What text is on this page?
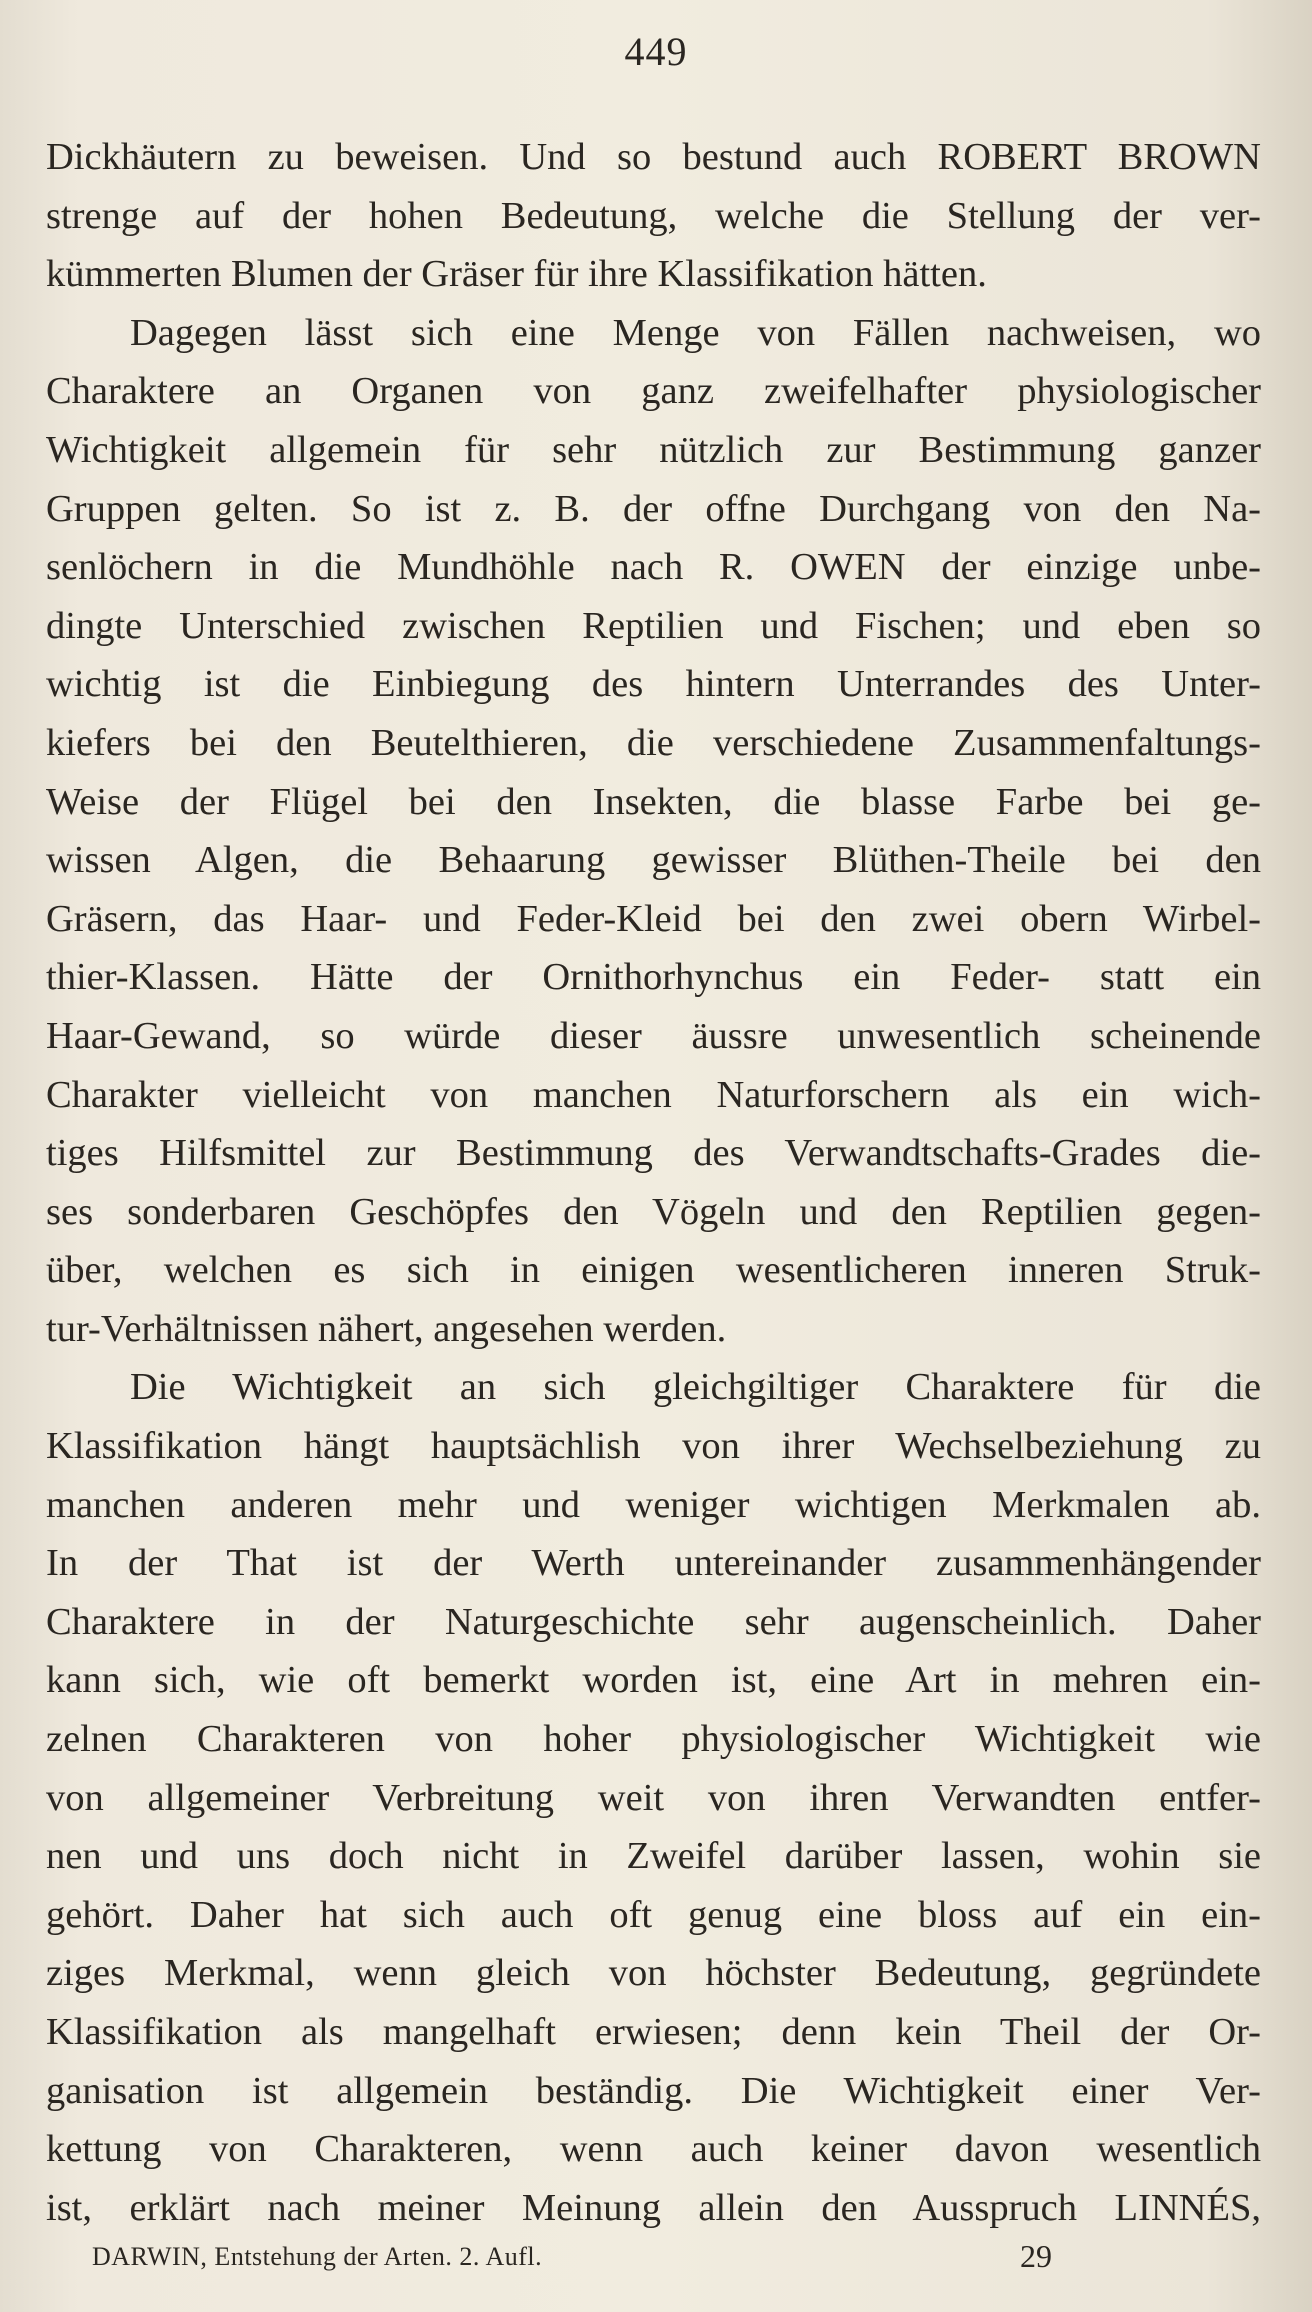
449
Dickhäutern zu beweisen. Und so bestund auch ROBERT BROWN
strenge auf der hohen Bedeutung, welche die Stellung der ver-
kümmerten Blumen der Gräser für ihre Klassifikation hätten.
Dagegen lässt sich eine Menge von Fällen nachweisen, wo
Charaktere an Organen von ganz zweifelhafter physiologischer
Wichtigkeit allgemein für sehr nützlich zur Bestimmung ganzer
Gruppen gelten. So ist z. B. der offne Durchgang von den Na-
senlöchern in die Mundhöhle nach R. OWEN der einzige unbe-
dingte Unterschied zwischen Reptilien und Fischen; und eben so
wichtig ist die Einbiegung des hintern Unterrandes des Unter-
kiefers bei den Beutelthieren, die verschiedene Zusammenfaltungs-
Weise der Flügel bei den Insekten, die blasse Farbe bei ge-
wissen Algen, die Behaarung gewisser Blüthen-Theile bei den
Gräsern, das Haar- und Feder-Kleid bei den zwei obern Wirbel-
thier-Klassen. Hätte der Ornithorhynchus ein Feder- statt ein
Haar-Gewand, so würde dieser äussre unwesentlich scheinende
Charakter vielleicht von manchen Naturforschern als ein wich-
tiges Hilfsmittel zur Bestimmung des Verwandtschafts-Grades die-
ses sonderbaren Geschöpfes den Vögeln und den Reptilien gegen-
über, welchen es sich in einigen wesentlicheren inneren Struk-
tur-Verhältnissen nähert, angesehen werden.
Die Wichtigkeit an sich gleichgiltiger Charaktere für die
Klassifikation hängt hauptsächlish von ihrer Wechselbeziehung zu
manchen anderen mehr und weniger wichtigen Merkmalen ab.
In der That ist der Werth untereinander zusammenhängender
Charaktere in der Naturgeschichte sehr augenscheinlich. Daher
kann sich, wie oft bemerkt worden ist, eine Art in mehren ein-
zelnen Charakteren von hoher physiologischer Wichtigkeit wie
von allgemeiner Verbreitung weit von ihren Verwandten entfer-
nen und uns doch nicht in Zweifel darüber lassen, wohin sie
gehört. Daher hat sich auch oft genug eine bloss auf ein ein-
ziges Merkmal, wenn gleich von höchster Bedeutung, gegründete
Klassifikation als mangelhaft erwiesen; denn kein Theil der Or-
ganisation ist allgemein beständig. Die Wichtigkeit einer Ver-
kettung von Charakteren, wenn auch keiner davon wesentlich
ist, erklärt nach meiner Meinung allein den Ausspruch LINNÉS,
DARWIN, Entstehung der Arten. 2. Aufl.	29
